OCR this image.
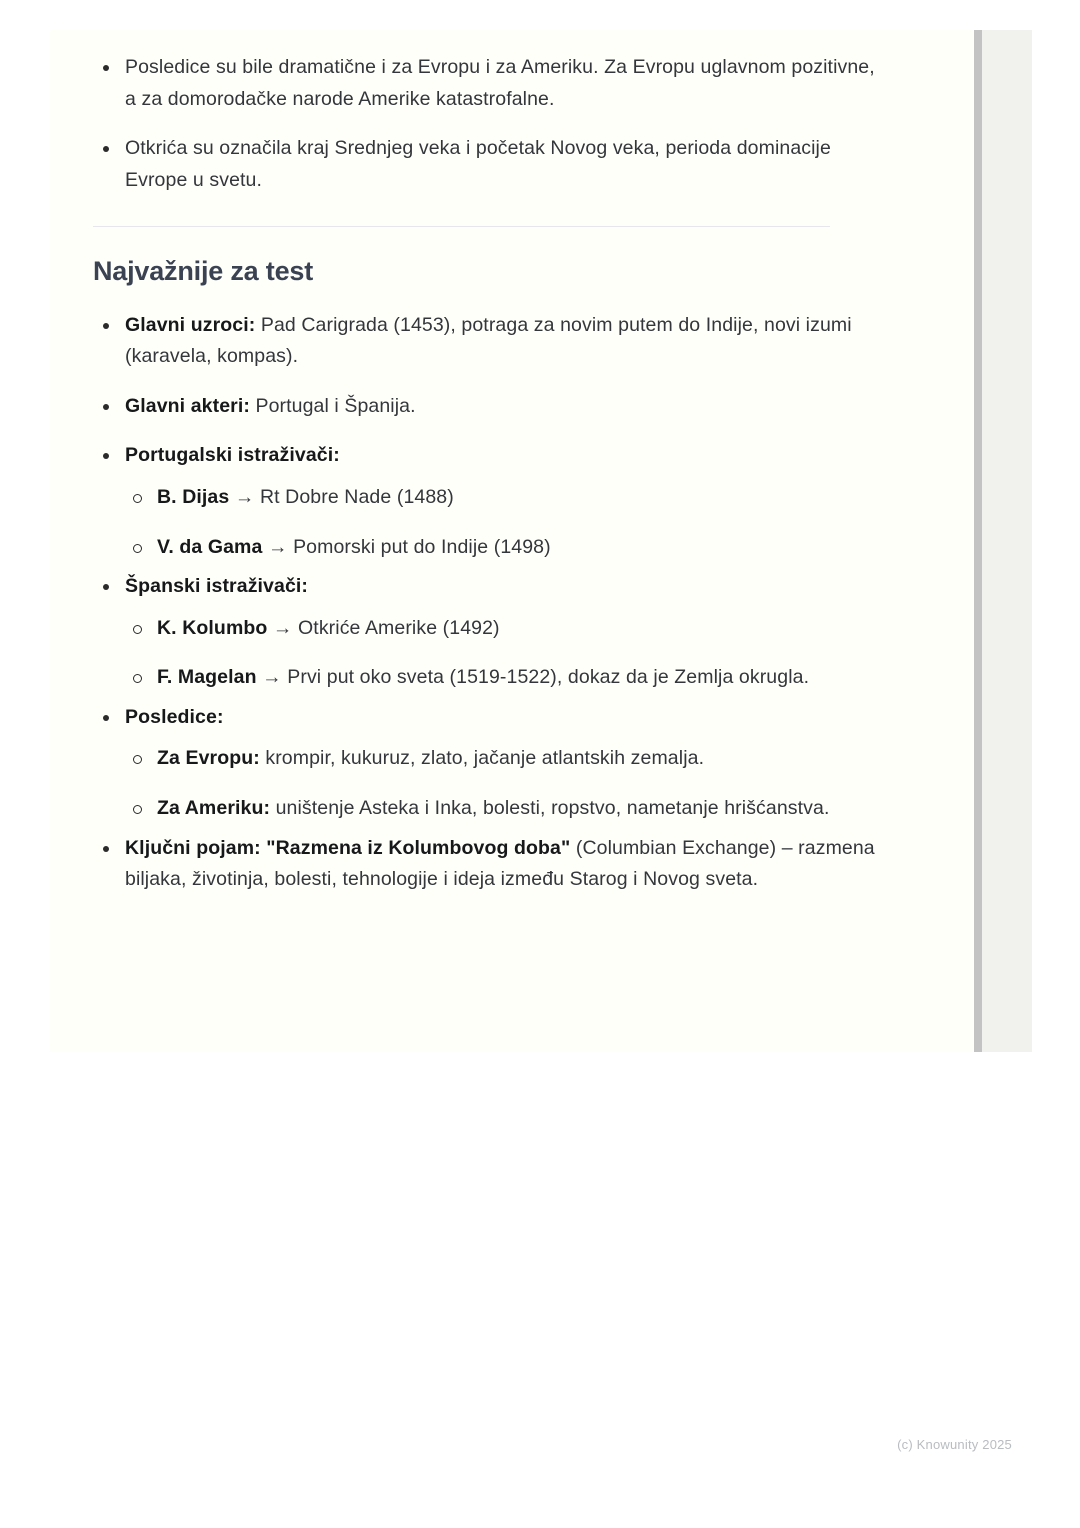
Posledice su bile dramatične i za Evropu i za Ameriku. Za Evropu uglavnom pozitivne, a za domorodačke narode Amerike katastrofalne.
Otkrića su označila kraj Srednjeg veka i početak Novog veka, perioda dominacije Evrope u svetu.
Najvažnije za test
Glavni uzroci: Pad Carigrada (1453), potraga za novim putem do Indije, novi izumi (karavela, kompas).
Glavni akteri: Portugal i Španija.
Portugalski istraživači:
B. Dijas → Rt Dobre Nade (1488)
V. da Gama → Pomorski put do Indije (1498)
Španski istraživači:
K. Kolumbo → Otkriće Amerike (1492)
F. Magelan → Prvi put oko sveta (1519-1522), dokaz da je Zemlja okrugla.
Posledice:
Za Evropu: krompir, kukuruz, zlato, jačanje atlantskih zemalja.
Za Ameriku: uništenje Asteka i Inka, bolesti, ropstvo, nametanje hrišćanstva.
Ključni pojam: "Razmena iz Kolumbovog doba" (Columbian Exchange) – razmena biljaka, životinja, bolesti, tehnologije i ideja između Starog i Novog sveta.
(c) Knowunity 2025
